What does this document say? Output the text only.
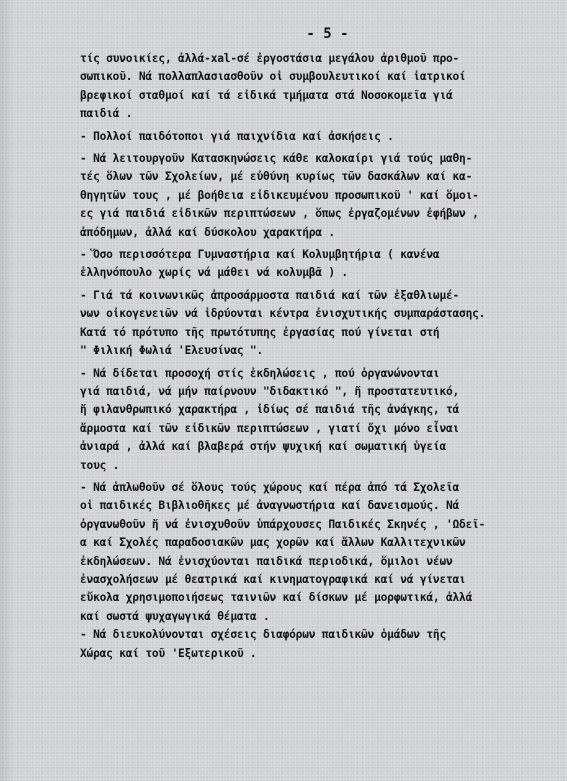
- 5 -
τίς συνοικίες, ἀλλά-xal-σέ ἐργοστάσια μεγάλου ἀριθμοῦ προ-
σωπικοῦ. Νά πολλαπλασιασθοῦν οἱ συμβουλευτικοί καί ἰατρικοί
βρεφικοί σταθμοί καί τά εἰδικά τμήματα στά Νοσοκομεῖα γιά
παιδιά .
- Πολλοί παιδότοποι γιά παιχνίδια καί ἀσκήσεις .
- Νά λειτουργοῦν Κατασκηνώσεις κάθε καλοκαίρι γιά τούς μαθη-
τές ὅλων τῶν Σχολείων, μέ εὐθύνη κυρίως τῶν δασκάλων καί κα-
θηγητῶν τους , μέ βοήθεια εἰδικευμένου προσωπικοῦ ' καί ὅμοι-
ες γιά παιδιά εἰδικῶν περιπτώσεων , ὅπως ἐργαζομένων ἐφήβων ,
ἀπόδημων, ἀλλά καί δύσκολου χαρακτήρα .
- Ὅσο περισσότερα Γυμναστήρια καί Κολυμβητήρια ( κανένα
ἑλληνόπουλο χωρίς νά μάθει νά κολυμβᾶ ) .
- Γιά τά κοινωνικῶς ἀπροσάρμοστα παιδιά καί τῶν ἐξαθλιωμέ-
νων οἰκογενειῶν νά ἱδρύονται κέντρα ἐνισχυτικής συμπαράστασης.
Κατά τό πρότυπο τῆς πρωτότυπης ἐργασίας πού γίνεται στή
" Φιλική Φωλιά 'Ελευσίνας ".
- Νά δίδεται προσοχή στίς ἐκδηλώσεις , πού ὀργανώνονται
γιά παιδιά, νά μήν παίρνουν "διδακτικό ", ἤ προστατευτικό,
ἤ φιλανθρωπικό χαρακτήρα , ἰδίως σέ παιδιά τῆς ἀνάγκης, τά
ἄρμοστα καί τῶν εἰδικῶν περιπτώσεων , γιατί ὄχι μόνο εἶναι
ἀνιαρά , ἀλλά καί βλαβερά στήν ψυχική καί σωματική ὑγεία
τους .
- Νά ἁπλωθοῦν σέ ὅλους τούς χώρους καί πέρα ἀπό τά Σχολεῖα
οἱ παιδικές Βιβλιοθῆκες μέ ἀναγνωστήρια καί δανεισμούς. Νά
ὀργανωθοῦν ἤ νά ἐνισχυθοῦν ὑπάρχουσες Παιδικές Σκηνές , 'Ωδεῖ-
α καί Σχολές παραδοσιακῶν μας χορῶν καί ἄλλων Καλλιτεχνικῶν
ἐκδηλώσεων. Νά ἐνισχύονται παιδικά περιοδικά, ὅμιλοι νέων
ἐνασχολήσεων μέ θεατρικά καί κινηματογραφικά καί νά γίνεται
εὔκολα χρησιμοποιήσεως ταινιῶν καί δίσκων μέ μορφωτικά, ἀλλά
καί σωστά ψυχαγωγικά θέματα .
- Νά διευκολύνονται σχέσεις διαφόρων παιδικῶν ὁμάδων τῆς
Χώρας καί τοῦ 'Εξωτερικοῦ .
